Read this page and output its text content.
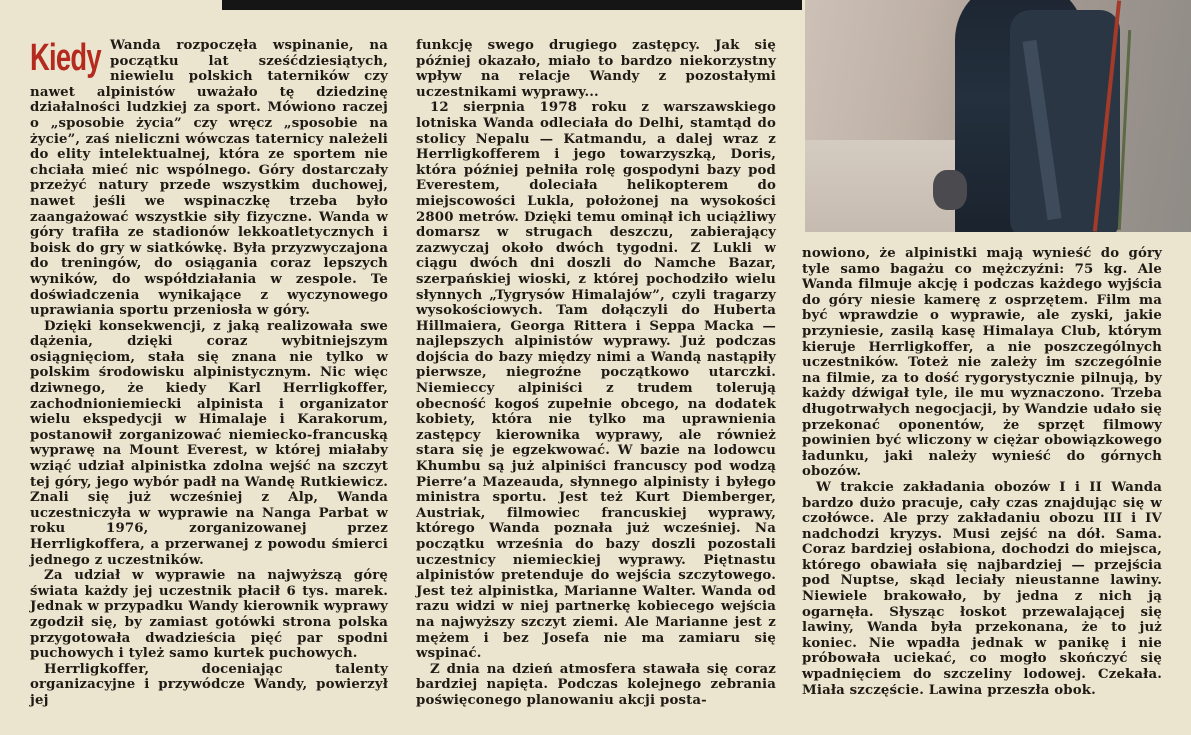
Kiedy Wanda rozpoczęła wspinanie, na początku lat sześćdziesiątych, niewielu polskich taterników czy nawet alpinistów uważało tę dziedzinę działalności ludzkiej za sport. Mówiono raczej o „sposobie życia” czy wręcz „sposobie na życie”, zaś nieliczni wówczas taternicy należeli do elity intelektualnej, która ze sportem nie chciała mieć nic wspólnego. Góry dostarczały przeżyć natury przede wszystkim duchowej, nawet jeśli we wspinaczkę trzeba było zaangażować wszystkie siły fizyczne. Wanda w góry trafiła ze stadionów lekkoatletycznych i boisk do gry w siatkówkę. Była przyzwyczajona do treningów, do osiągania coraz lepszych wyników, do współdziałania w zespole. Te doświadczenia wynikające z wyczynowego uprawiania sportu przeniosła w góry.

Dzięki konsekwencji, z jaką realizowała swe dążenia, dzięki coraz wybitniejszym osiągnięciom, stała się znana nie tylko w polskim środowisku alpinistycznym. Nic więc dziwnego, że kiedy Karl Herrligkoffer, zachodnioniemiecki alpinista i organizator wielu ekspedycji w Himalaje i Karakorum, postanowił zorganizować niemiecko-francuską wyprawę na Mount Everest, w której miałaby wziąć udział alpinistka zdolna wejść na szczyt tej góry, jego wybór padł na Wandę Rutkiewicz. Znali się już wcześniej z Alp, Wanda uczestniczyła w wyprawie na Nanga Parbat w roku 1976, zorganizowanej przez Herrligkoffera, a przerwanej z powodu śmierci jednego z uczestników.

Za udział w wyprawie na najwyższą górę świata każdy jej uczestnik płacił 6 tys. marek. Jednak w przypadku Wandy kierownik wyprawy zgodził się, by zamiast gotówki strona polska przygotowała dwadzieścia pięć par spodni puchowych i tyleż samo kurtek puchowych.

Herrligkoffer, doceniając talenty organizacyjne i przywódcze Wandy, powierzył jej

funkcję swego drugiego zastępcy. Jak się później okazało, miało to bardzo niekorzystny wpływ na relacje Wandy z pozostałymi uczestnikami wyprawy...

12 sierpnia 1978 roku z warszawskiego lotniska Wanda odleciała do Delhi, stamtąd do stolicy Nepalu — Katmandu, a dalej wraz z Herrligkofferem i jego towarzyszką, Doris, która później pełniła rolę gospodyni bazy pod Everestem, doleciała helikopterem do miejscowości Lukla, położonej na wysokości 2800 metrów. Dzięki temu ominął ich uciążliwy domarsz w strugach deszczu, zabierający zazwyczaj około dwóch tygodni. Z Lukli w ciągu dwóch dni doszli do Namche Bazar, szerpańskiej wioski, z której pochodziło wielu słynnych „Tygrysów Himalajów”, czyli tragarzy wysokościowych. Tam dołączyli do Huberta Hillmaiera, Georga Rittera i Seppa Macka — najlepszych alpinistów wyprawy. Już podczas dojścia do bazy między nimi a Wandą nastąpiły pierwsze, niegroźne początkowo utarczki. Niemieccy alpiniści z trudem tolerują obecność kogoś zupełnie obcego, na dodatek kobiety, która nie tylko ma uprawnienia zastępcy kierownika wyprawy, ale również stara się je egzekwować. W bazie na lodowcu Khumbu są już alpiniści francuscy pod wodzą Pierre’a Mazeauda, słynnego alpinisty i byłego ministra sportu. Jest też Kurt Diemberger, Austriak, filmowiec francuskiej wyprawy, którego Wanda poznała już wcześniej. Na początku września do bazy doszli pozostali uczestnicy niemieckiej wyprawy. Piętnastu alpinistów pretenduje do wejścia szczytowego. Jest też alpinistka, Marianne Walter. Wanda od razu widzi w niej partnerkę kobiecego wejścia na najwyższy szczyt ziemi. Ale Marianne jest z mężem i bez Josefa nie ma zamiaru się wspinać.

Z dnia na dzień atmosfera stawała się coraz bardziej napięta. Podczas kolejnego zebrania poświęconego planowaniu akcji posta-

nowiono, że alpinistki mają wynieść do góry tyle samo bagażu co mężczyźni: 75 kg. Ale Wanda filmuje akcję i podczas każdego wyjścia do góry niesie kamerę z osprzętem. Film ma być wprawdzie o wyprawie, ale zyski, jakie przyniesie, zasilą kasę Himalaya Club, którym kieruje Herrligkoffer, a nie poszczególnych uczestników. Toteż nie zależy im szczególnie na filmie, za to dość rygorystycznie pilnują, by każdy dźwigał tyle, ile mu wyznaczono. Trzeba długotrwałych negocjacji, by Wandzie udało się przekonać oponentów, że sprzęt filmowy powinien być wliczony w ciężar obowiązkowego ładunku, jaki należy wynieść do górnych obozów.

W trakcie zakładania obozów I i II Wanda bardzo dużo pracuje, cały czas znajdując się w czołówce. Ale przy zakładaniu obozu III i IV nadchodzi kryzys. Musi zejść na dół. Sama. Coraz bardziej osłabiona, dochodzi do miejsca, którego obawiała się najbardziej — przejścia pod Nuptse, skąd leciały nieustanne lawiny. Niewiele brakowało, by jedna z nich ją ogarnęła. Słysząc łoskot przewalającej się lawiny, Wanda była przekonana, że to już koniec. Nie wpadła jednak w panikę i nie próbowała uciekać, co mogło skończyć się wpadnięciem do szczeliny lodowej. Czekała. Miała szczęście. Lawina przeszła obok.
